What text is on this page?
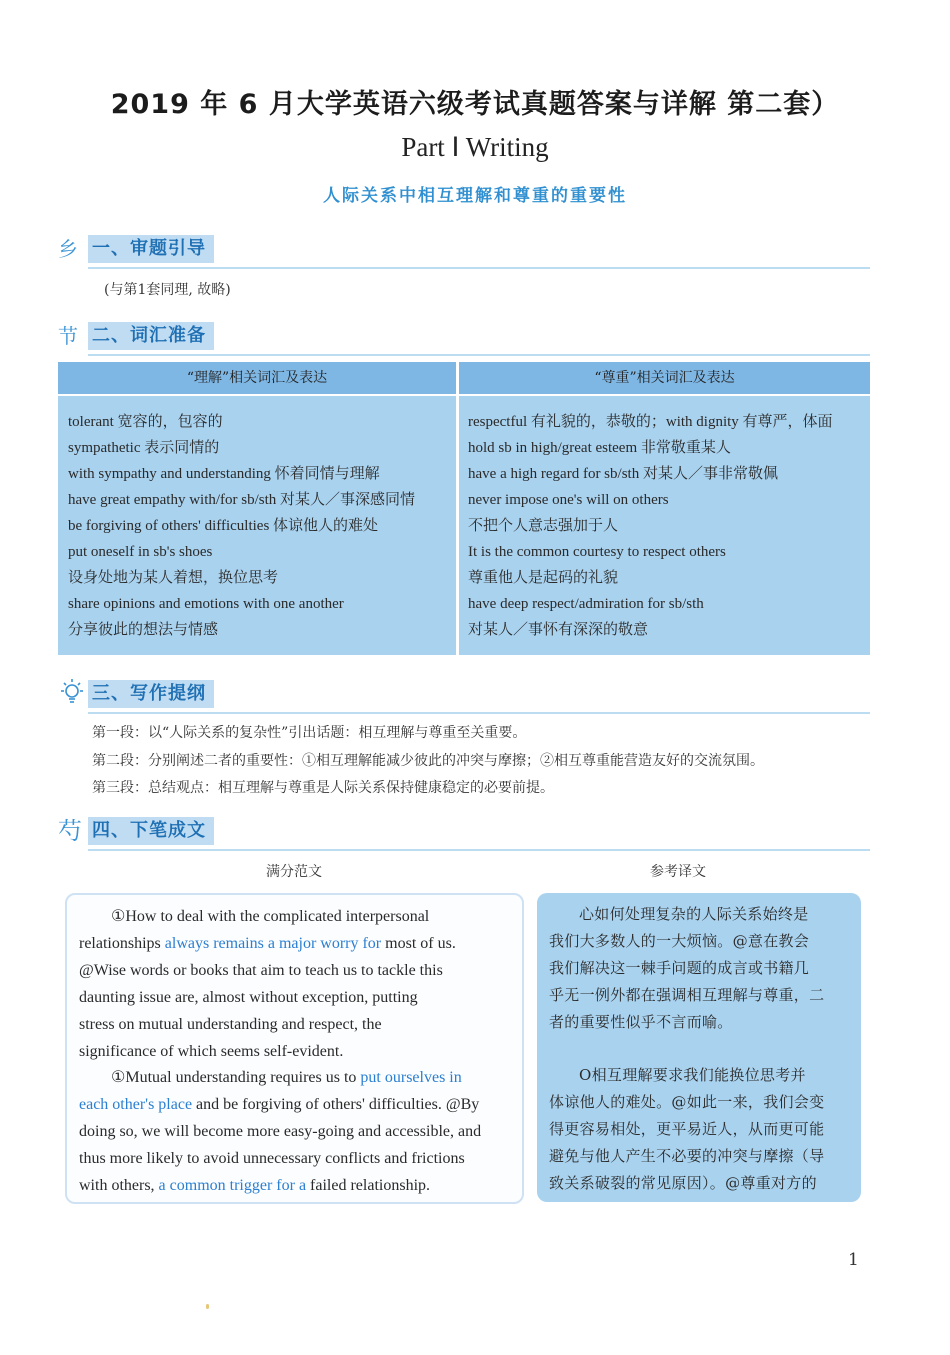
2019 年 6 月大学英语六级考试真题答案与详解 第二套）
Part Ⅰ Writing
人际关系中相互理解和尊重的重要性
乡 一、审题引导
(与第1套同理, 故略)
节 二、词汇准备
“理解”相关词汇及表达	“尊重”相关词汇及表达
tolerant 宽容的，包容的
sympathetic 表示同情的
with sympathy and understanding 怀着同情与理解
have great empathy with/for sb/sth 对某人／事深感同情
be forgiving of others' difficulties 体谅他人的难处
put oneself in sb's shoes
设身处地为某人着想，换位思考
share opinions and emotions with one another
分享彼此的想法与情感
respectful 有礼貌的，恭敬的；with dignity 有尊严，体面
hold sb in high/great esteem 非常敬重某人
have a high regard for sb/sth 对某人／事非常敬佩
never impose one's will on others
不把个人意志强加于人
It is the common courtesy to respect others
尊重他人是起码的礼貌
have deep respect/admiration for sb/sth
对某人／事怀有深深的敬意
三、写作提纲
第一段：以“人际关系的复杂性”引出话题：相互理解与尊重至关重要。
第二段：分别阐述二者的重要性：①相互理解能减少彼此的冲突与摩擦；②相互尊重能营造友好的交流氛围。
第三段：总结观点：相互理解与尊重是人际关系保持健康稳定的必要前提。
芍 四、下笔成文
满分范文	参考译文
①How to deal with the complicated interpersonal
relationships always remains a major worry for most of us.
@Wise words or books that aim to teach us to tackle this
daunting issue are, almost without exception, putting
stress on mutual understanding and respect, the
significance of which seems self-evident.
①Mutual understanding requires us to put ourselves in
each other's place and be forgiving of others' difficulties. @By
doing so, we will become more easy-going and accessible, and
thus more likely to avoid unnecessary conflicts and frictions
with others, a common trigger for a failed relationship.
心如何处理复杂的人际关系始终是
我们大多数人的一大烦恼。@意在教会
我们解决这一棘手问题的成言或书籍几
乎无一例外都在强调相互理解与尊重，二
者的重要性似乎不言而喻。
O相互理解要求我们能换位思考并
体谅他人的难处。@如此一来，我们会变
得更容易相处，更平易近人，从而更可能
避免与他人产生不必要的冲突与摩擦（导
致关系破裂的常见原因）。@尊重对方的
1
